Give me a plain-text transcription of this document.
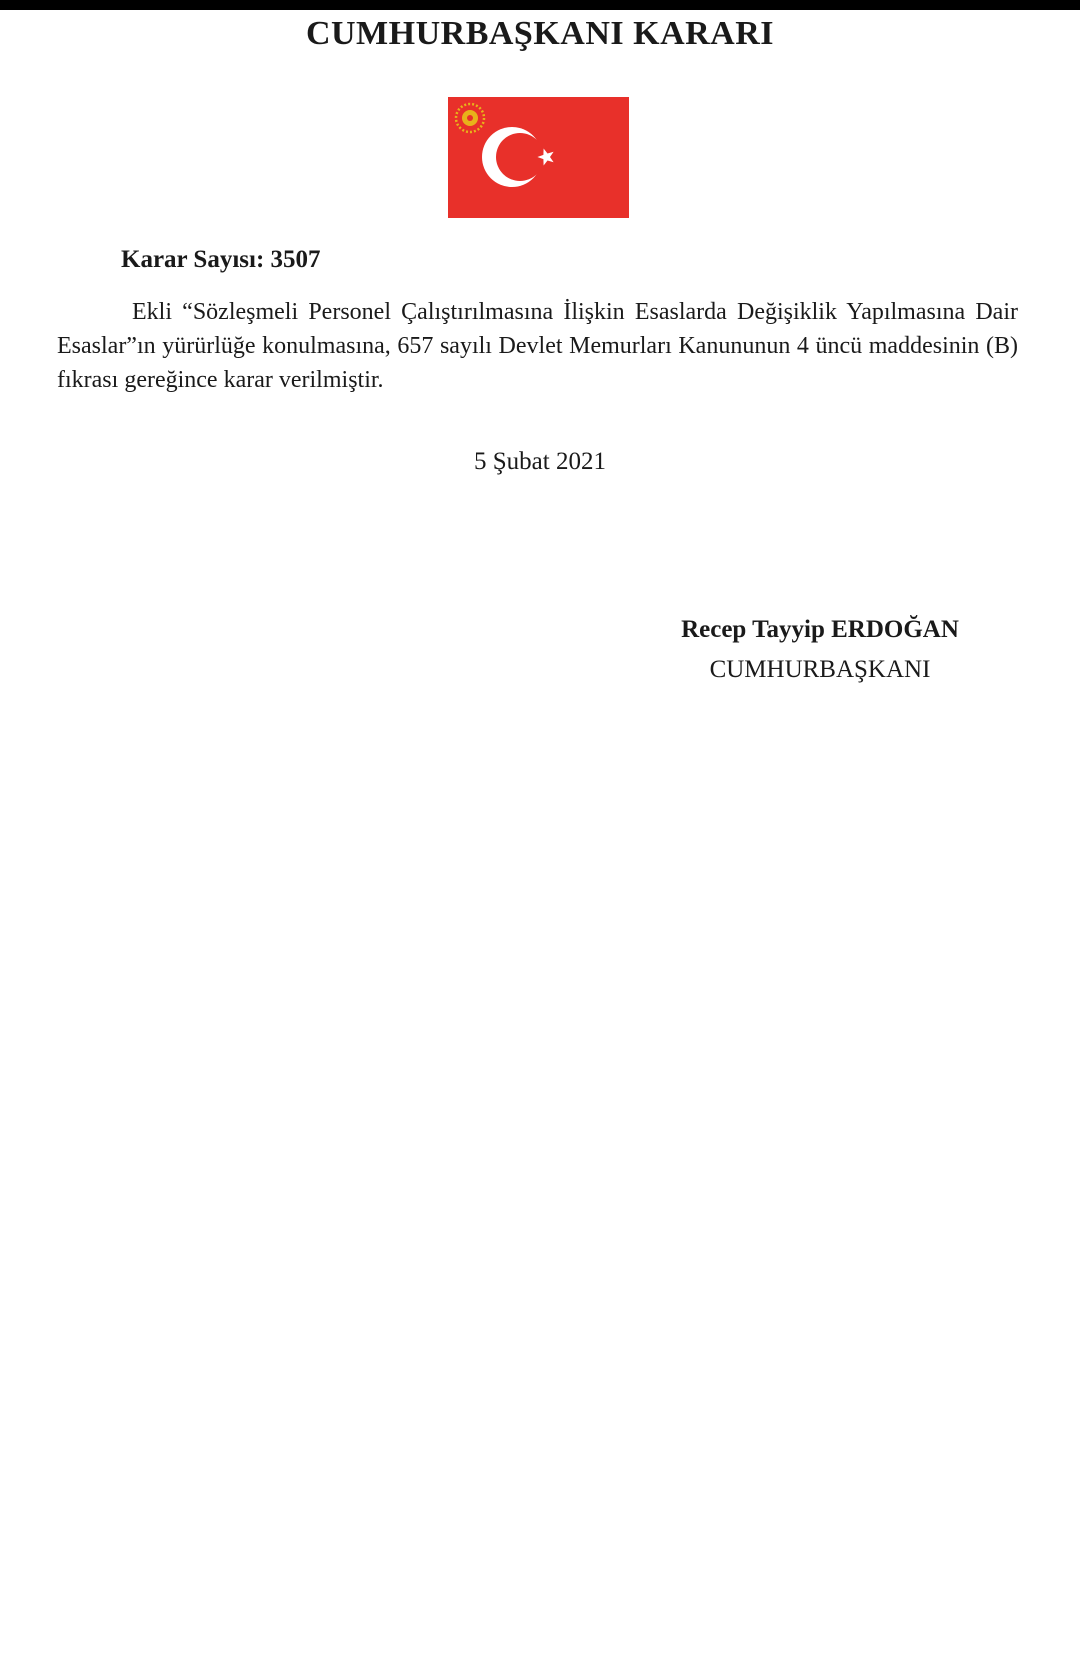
CUMHURBAŞKANI KARARI
Karar Sayısı: 3507
Ekli “Sözleşmeli Personel Çalıştırılmasına İlişkin Esaslarda Değişiklik Yapılmasına Dair Esaslar”ın yürürlüğe konulmasına, 657 sayılı Devlet Memurları Kanununun 4 üncü maddesinin (B) fıkrası gereğince karar verilmiştir.
5 Şubat 2021
Recep Tayyip ERDOĞAN
CUMHURBAŞKANI
